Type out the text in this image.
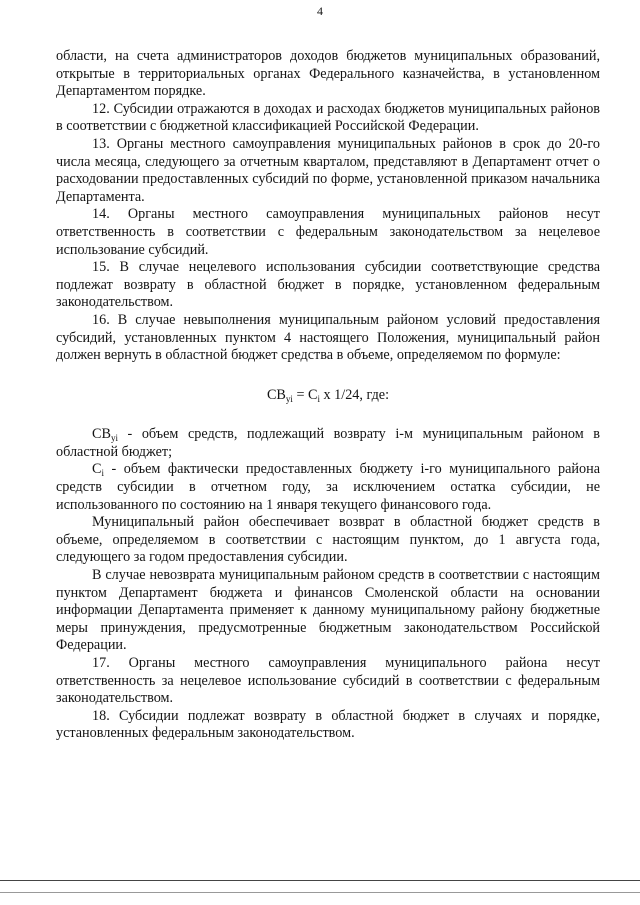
4

области, на счета администраторов доходов бюджетов муниципальных образований, открытые в территориальных органах Федерального казначейства, в установленном Департаментом порядке.

12. Субсидии отражаются в доходах и расходах бюджетов муниципальных районов в соответствии с бюджетной классификацией Российской Федерации.

13. Органы местного самоуправления муниципальных районов в срок до 20-го числа месяца, следующего за отчетным кварталом, представляют в Департамент отчет о расходовании предоставленных субсидий по форме, установленной приказом начальника Департамента.

14. Органы местного самоуправления муниципальных районов несут ответственность в соответствии с федеральным законодательством за нецелевое использование субсидий.

15. В случае нецелевого использования субсидии соответствующие средства подлежат возврату в областной бюджет в порядке, установленном федеральным законодательством.

16. В случае невыполнения муниципальным районом условий предоставления субсидий, установленных пунктом 4 настоящего Положения, муниципальный район должен вернуть в областной бюджет средства в объеме, определяемом по формуле:

$СВ_{yi} = С_i$ x 1/24, где:

$СВ_{yi}$ - объем средств, подлежащий возврату i-м муниципальным районом в областной бюджет;

$С_i$ - объем фактически предоставленных бюджету i-го муниципального района средств субсидии в отчетном году, за исключением остатка субсидии, не использованного по состоянию на 1 января текущего финансового года.

Муниципальный район обеспечивает возврат в областной бюджет средств в объеме, определяемом в соответствии с настоящим пунктом, до 1 августа года, следующего за годом предоставления субсидии.

В случае невозврата муниципальным районом средств в соответствии с настоящим пунктом Департамент бюджета и финансов Смоленской области на основании информации Департамента применяет к данному муниципальному району бюджетные меры принуждения, предусмотренные бюджетным законодательством Российской Федерации.

17. Органы местного самоуправления муниципального района несут ответственность за нецелевое использование субсидий в соответствии с федеральным законодательством.

18. Субсидии подлежат возврату в областной бюджет в случаях и порядке, установленных федеральным законодательством.
